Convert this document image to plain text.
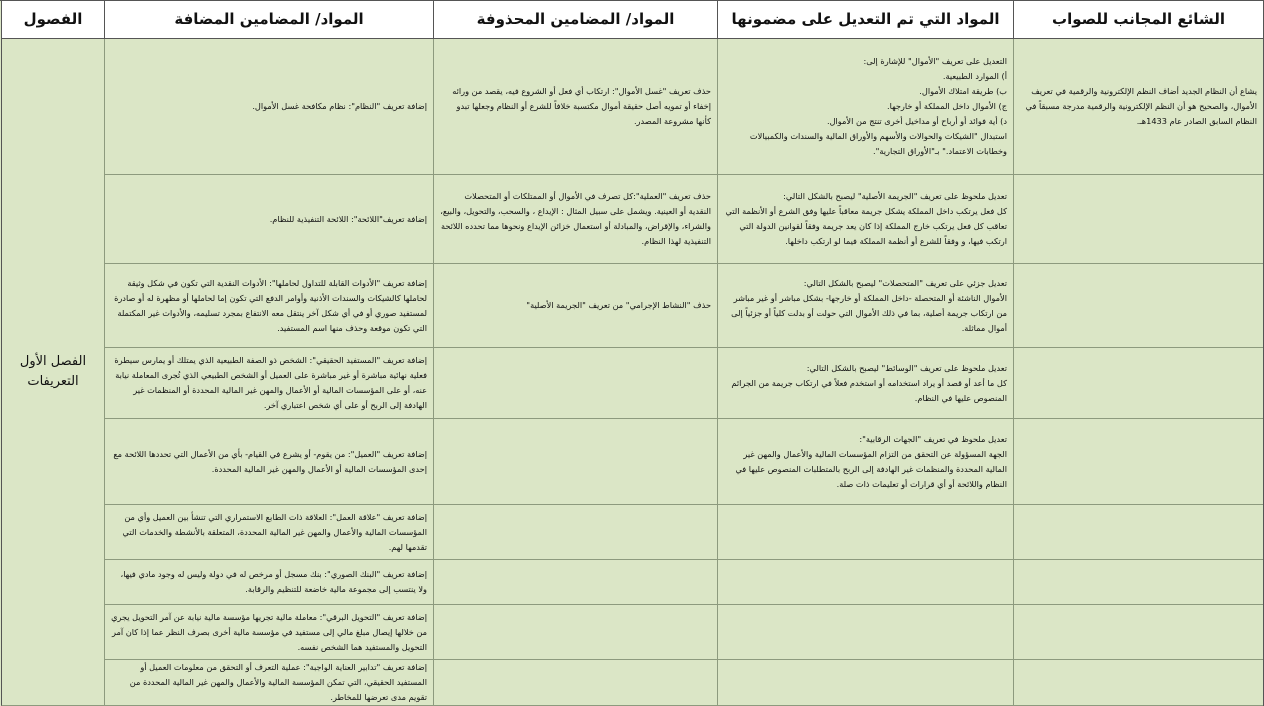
الشائع المجانب للصواب
المواد التي تم التعديل على مضمونها
المواد/ المضامين المحذوفة
المواد/ المضامين المضافة
الفصول
الفصل الأول
التعريفات
يشاع أن النظام الجديد أضاف النظم الإلكترونية والرقمية في تعريف الأموال، والصحيح هو أن النظم الإلكترونية والرقمية مدرجة مسبقاً في النظام السابق الصادر عام 1433هـ.
التعديل على تعريف "الأموال" للإشارة إلى:
أ) الموارد الطبيعية.
ب) طريقة امتلاك الأموال.
ج) الأموال داخل المملكة أو خارجها.
د) أية فوائد أو أرباح أو مداخيل أخرى تنتج من الأموال.
استبدال "الشيكات والحوالات والأسهم والأوراق المالية والسندات والكمبيالات وخطابات الاعتماد." بـ"الأوراق التجارية".
حذف تعريف "غسل الأموال": ارتكاب أي فعل أو الشروع فيه، يقصد من ورائه إخفاء أو تمويه أصل حقيقة أموال مكتسبة خلافاً للشرع أو النظام وجعلها تبدو كأنها مشروعة المصدر.
إضافة تعريف "النظام": نظام مكافحة غسل الأموال.
تعديل ملحوظ على تعريف "الجريمة الأصلية" ليصبح بالشكل التالي:
كل فعل يرتكب داخل المملكة يشكل جريمة معاقباً عليها وفق الشرع أو الأنظمة التي تعاقب كل فعل يرتكب خارج المملكة إذا كان يعد جريمة وفقاً لقوانين الدولة التي ارتكب فيها، و وفقاً للشرع أو أنظمة المملكة فيما لو ارتكب داخلها.
حذف تعريف "العملية":كل تصرف في الأموال أو الممتلكات أو المتحصلات النقدية أو العينية. ويشمل على سبيل المثال : الإيداع ، والسحب، والتحويل، والبيع، والشراء، والإقراض، والمبادلة أو استعمال خزائن الإيداع ونحوها مما تحدده اللائحة التنفيذية لهذا النظام.
إضافة تعريف"اللائحة": اللائحة التنفيذية للنظام.
تعديل جزئي على تعريف "المتحصلات" ليصبح بالشكل التالي:
الأموال الناشئة أو المتحصلة -داخل المملكة أو خارجها- بشكل مباشر أو غير مباشر من ارتكاب جريمة أصلية، بما في ذلك الأموال التي حولت أو بدلت كلياً أو جزئياً إلى أموال مماثلة.
حذف "النشاط الإجرامي" من تعريف "الجريمة الأصلية"
إضافة تعريف "الأدوات القابلة للتداول لحاملها": الأدوات النقدية التي تكون في شكل وثيقة لحاملها كالشيكات والسندات الأذنية وأوامر الدفع التي تكون إما لحاملها أو مظهرة له أو صادرة لمستفيد صوري أو في أي شكل آخر ينتقل معه الانتفاع بمجرد تسليمه، والأدوات غير المكتملة التي تكون موقعة وحذف منها اسم المستفيد.
تعديل ملحوظ على تعريف "الوسائط" ليصبح بالشكل التالي:
كل ما أعد أو قصد أو يراد استخدامه أو استخدم فعلاً في ارتكاب جريمة من الجرائم المنصوص عليها في النظام.
إضافة تعريف "المستفيد الحقيقي": الشخص ذو الصفة الطبيعية الذي يمتلك أو يمارس سيطرة فعلية نهائية مباشرة أو غير مباشرة على العميل أو الشخص الطبيعي الذي تُجرى المعاملة نيابة عنه، أو على المؤسسات المالية أو الأعمال والمهن غير المالية المحددة أو المنظمات غير الهادفة إلى الربح أو على أي شخص اعتباري آخر.
تعديل ملحوظ في تعريف "الجهات الرقابية":
الجهة المسؤولة عن التحقق من التزام المؤسسات المالية والأعمال والمهن غير المالية المحددة والمنظمات غير الهادفة إلى الربح بالمتطلبات المنصوص عليها في النظام واللائحة أو أي قرارات أو تعليمات ذات صلة.
إضافة تعريف "العميل": من يقوم- أو يشرع في القيام- بأي من الأعمال التي تحددها اللائحة مع إحدى المؤسسات المالية أو الأعمال والمهن غير المالية المحددة.
إضافة تعريف "علاقة العمل": العلاقة ذات الطابع الاستمراري التي تنشأ بين العميل وأي من المؤسسات المالية والأعمال والمهن غير المالية المحددة، المتعلقة بالأنشطة والخدمات التي تقدمها لهم.
إضافة تعريف "البنك الصوري": بنك مسجل أو مرخص له في دولة وليس له وجود مادي فيها، ولا ينتسب إلى مجموعة مالية خاضعة للتنظيم والرقابة.
إضافة تعريف "التحويل البرقي": معاملة مالية تجريها مؤسسة مالية نيابة عن آمر التحويل يجري من خلالها إيصال مبلغ مالي إلى مستفيد في مؤسسة مالية أخرى بصرف النظر عما إذا كان آمر التحويل والمستفيد هما الشخص نفسه.
إضافة تعريف "تدابير العناية الواجبة": عملية التعرف أو التحقق من معلومات العميل أو المستفيد الحقيقي، التي تمكن المؤسسة المالية والأعمال والمهن غير المالية المحددة من تقويم مدى تعرضها للمخاطر.
